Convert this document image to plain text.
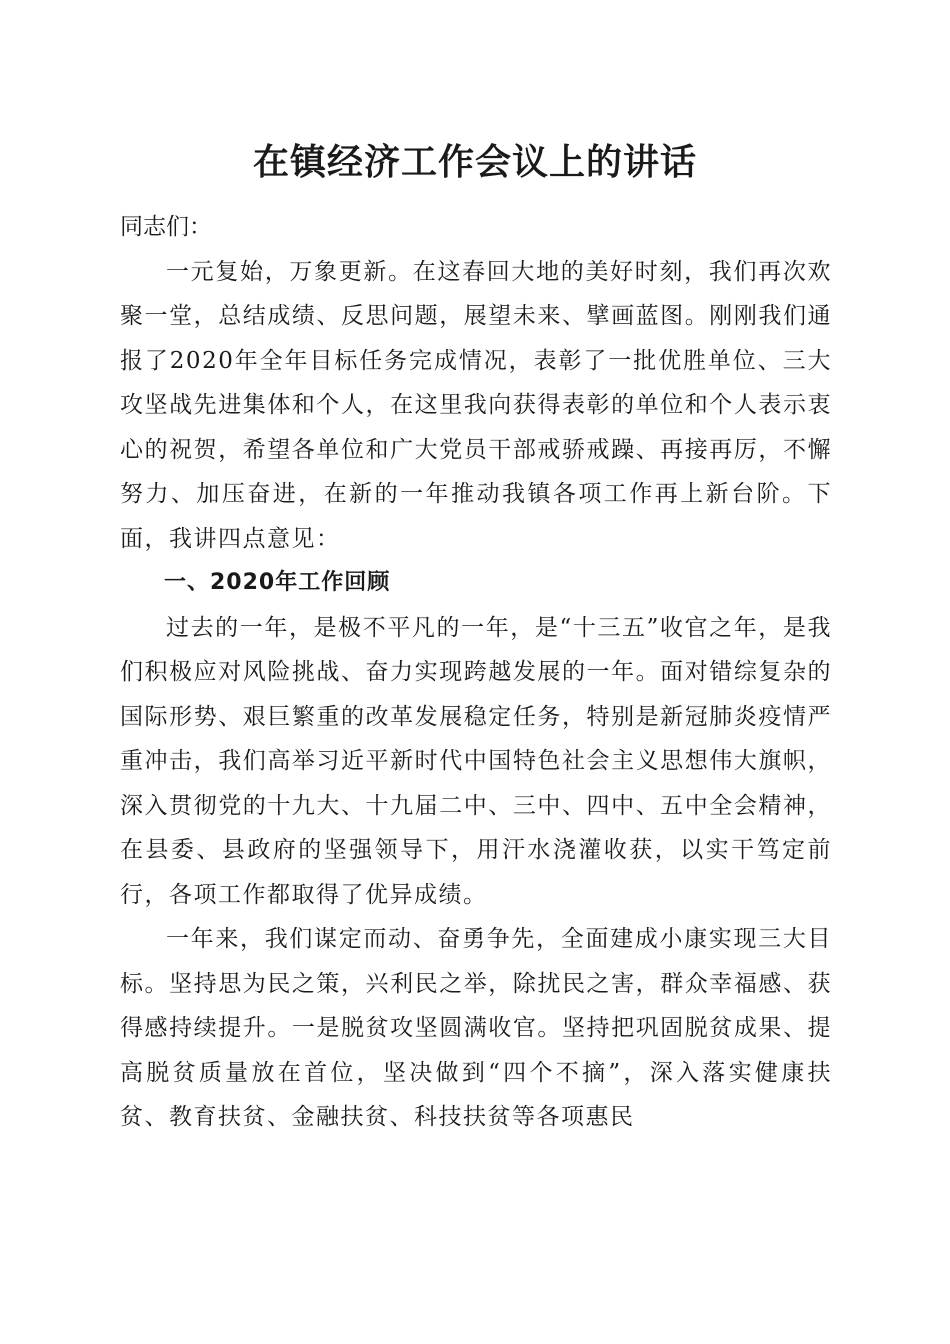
在镇经济工作会议上的讲话

同志们：

一元复始，万象更新。在这春回大地的美好时刻，我们再次欢聚一堂，总结成绩、反思问题，展望未来、擘画蓝图。刚刚我们通报了2020年全年目标任务完成情况，表彰了一批优胜单位、三大攻坚战先进集体和个人，在这里我向获得表彰的单位和个人表示衷心的祝贺，希望各单位和广大党员干部戒骄戒躁、再接再厉，不懈努力、加压奋进，在新的一年推动我镇各项工作再上新台阶。下面，我讲四点意见：

一、2020年工作回顾

过去的一年，是极不平凡的一年，是“十三五”收官之年，是我们积极应对风险挑战、奋力实现跨越发展的一年。面对错综复杂的国际形势、艰巨繁重的改革发展稳定任务，特别是新冠肺炎疫情严重冲击，我们高举习近平新时代中国特色社会主义思想伟大旗帜，深入贯彻党的十九大、十九届二中、三中、四中、五中全会精神，在县委、县政府的坚强领导下，用汗水浇灌收获，以实干笃定前行，各项工作都取得了优异成绩。

一年来，我们谋定而动、奋勇争先，全面建成小康实现三大目标。坚持思为民之策，兴利民之举，除扰民之害，群众幸福感、获得感持续提升。一是脱贫攻坚圆满收官。坚持把巩固脱贫成果、提高脱贫质量放在首位，坚决做到“四个不摘”，深入落实健康扶贫、教育扶贫、金融扶贫、科技扶贫等各项惠民
